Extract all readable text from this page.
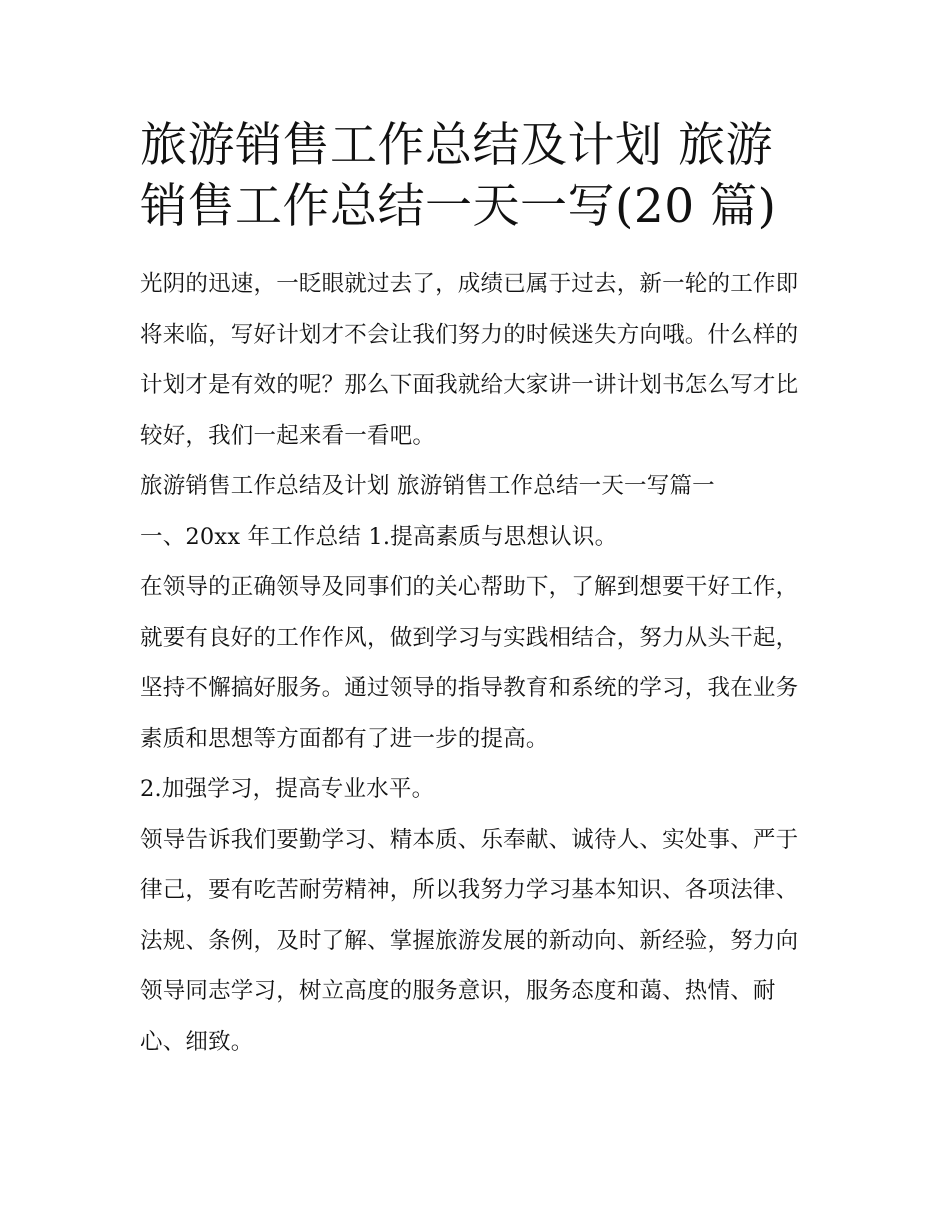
旅游销售工作总结及计划 旅游
销售工作总结一天一写(20 篇)

光阴的迅速，一眨眼就过去了，成绩已属于过去，新一轮的工作即将来临，写好计划才不会让我们努力的时候迷失方向哦。什么样的计划才是有效的呢？那么下面我就给大家讲一讲计划书怎么写才比较好，我们一起来看一看吧。

旅游销售工作总结及计划 旅游销售工作总结一天一写篇一

一、20xx 年工作总结 1.提高素质与思想认识。

在领导的正确领导及同事们的关心帮助下，了解到想要干好工作，就要有良好的工作作风，做到学习与实践相结合，努力从头干起，坚持不懈搞好服务。通过领导的指导教育和系统的学习，我在业务素质和思想等方面都有了进一步的提高。

2.加强学习，提高专业水平。

领导告诉我们要勤学习、精本质、乐奉献、诚待人、实处事、严于律己，要有吃苦耐劳精神，所以我努力学习基本知识、各项法律、法规、条例，及时了解、掌握旅游发展的新动向、新经验，努力向领导同志学习，树立高度的服务意识，服务态度和蔼、热情、耐心、细致。
